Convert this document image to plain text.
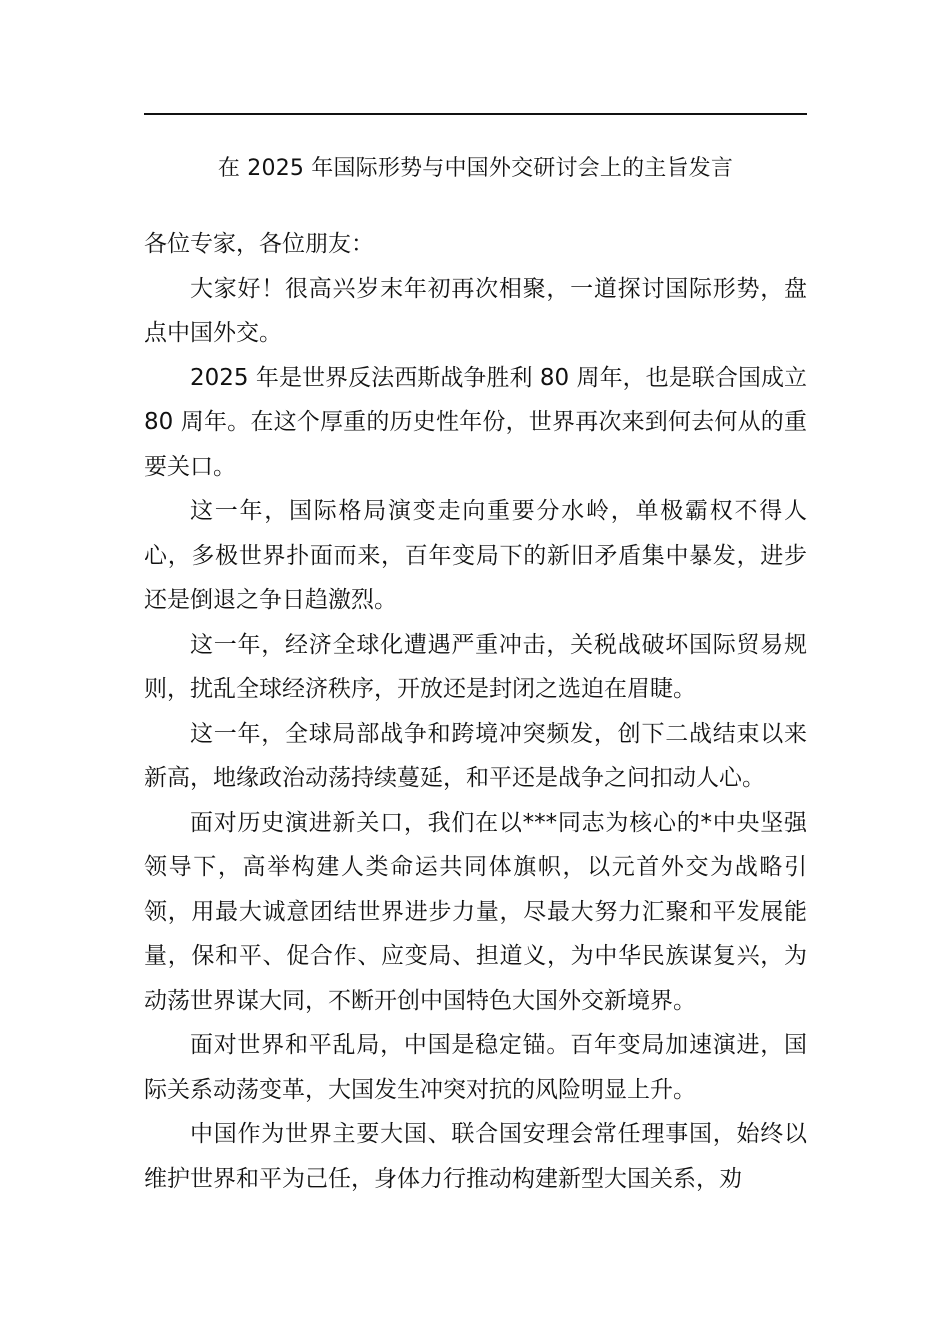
在 2025 年国际形势与中国外交研讨会上的主旨发言

各位专家，各位朋友：

大家好！很高兴岁末年初再次相聚，一道探讨国际形势，盘点中国外交。

2025 年是世界反法西斯战争胜利 80 周年，也是联合国成立 80 周年。在这个厚重的历史性年份，世界再次来到何去何从的重要关口。

这一年，国际格局演变走向重要分水岭，单极霸权不得人心，多极世界扑面而来，百年变局下的新旧矛盾集中暴发，进步还是倒退之争日趋激烈。

这一年，经济全球化遭遇严重冲击，关税战破坏国际贸易规则，扰乱全球经济秩序，开放还是封闭之选迫在眉睫。

这一年，全球局部战争和跨境冲突频发，创下二战结束以来新高，地缘政治动荡持续蔓延，和平还是战争之问扣动人心。

面对历史演进新关口，我们在以***同志为核心的*中央坚强领导下，高举构建人类命运共同体旗帜，以元首外交为战略引领，用最大诚意团结世界进步力量，尽最大努力汇聚和平发展能量，保和平、促合作、应变局、担道义，为中华民族谋复兴，为动荡世界谋大同，不断开创中国特色大国外交新境界。

面对世界和平乱局，中国是稳定锚。百年变局加速演进，国际关系动荡变革，大国发生冲突对抗的风险明显上升。

中国作为世界主要大国、联合国安理会常任理事国，始终以维护世界和平为己任，身体力行推动构建新型大国关系，劝
